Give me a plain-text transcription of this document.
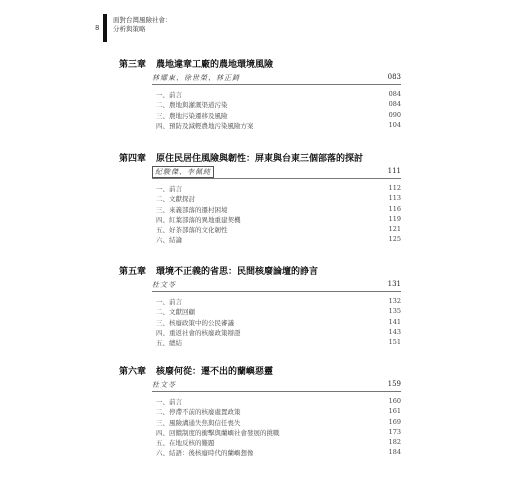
8
面對台灣風險社會：
分析與策略
第三章 農地違章工廠的農地環境風險
林燿東、徐世榮、林正錡	083
一、前言	084
二、農地與灌溉渠道污染	084
三、農地污染遷移及風險	090
四、預防及減輕農地污染風險方案	104
第四章 原住民居住風險與韌性：屏東與台東三個部落的探討
紀駿傑、李佩純	111
一、前言	112
二、文獻探討	113
三、來義部落的遷村困境	116
四、紅葉部落的異地重建契機	119
五、好茶部落的文化韌性	121
六、結論	125
第五章 環境不正義的省思：民間核廢論壇的諍言
杜文苓	131
一、前言	132
二、文獻回顧	135
三、核廢政策中的公民審議	141
四、重返社會的核廢政策辯證	143
五、總結	151
第六章 核廢何從：遷不出的蘭嶼惡靈
杜文苓	159
一、前言	160
二、停滯不前的核廢處置政策	161
三、風險溝通失焦與信任喪失	169
四、回饋制度的衝擊與蘭嶼社會發展的挑戰	173
五、在地反核的難題	182
六、結語：後核廢時代的蘭嶼想像	184
